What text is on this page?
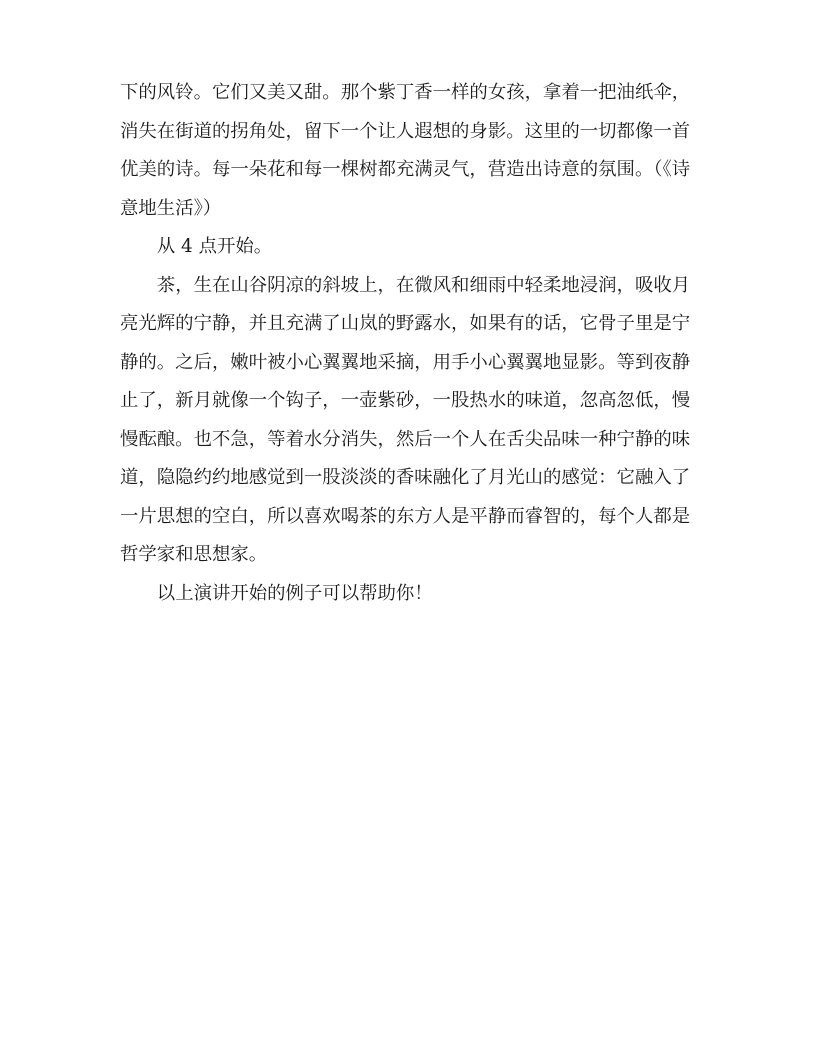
下的风铃。它们又美又甜。那个紫丁香一样的女孩，拿着一把油纸伞，
消失在街道的拐角处，留下一个让人遐想的身影。这里的一切都像一首
优美的诗。每一朵花和每一棵树都充满灵气，营造出诗意的氛围。（《诗
意地生活》）

从 4 点开始。

茶，生在山谷阴凉的斜坡上，在微风和细雨中轻柔地浸润，吸收月
亮光辉的宁静，并且充满了山岚的野露水，如果有的话，它骨子里是宁
静的。之后，嫩叶被小心翼翼地采摘，用手小心翼翼地显影。等到夜静
止了，新月就像一个钩子，一壶紫砂，一股热水的味道，忽高忽低，慢
慢酝酿。也不急，等着水分消失，然后一个人在舌尖品味一种宁静的味
道，隐隐约约地感觉到一股淡淡的香味融化了月光山的感觉：它融入了
一片思想的空白，所以喜欢喝茶的东方人是平静而睿智的，每个人都是
哲学家和思想家。

以上演讲开始的例子可以帮助你！
